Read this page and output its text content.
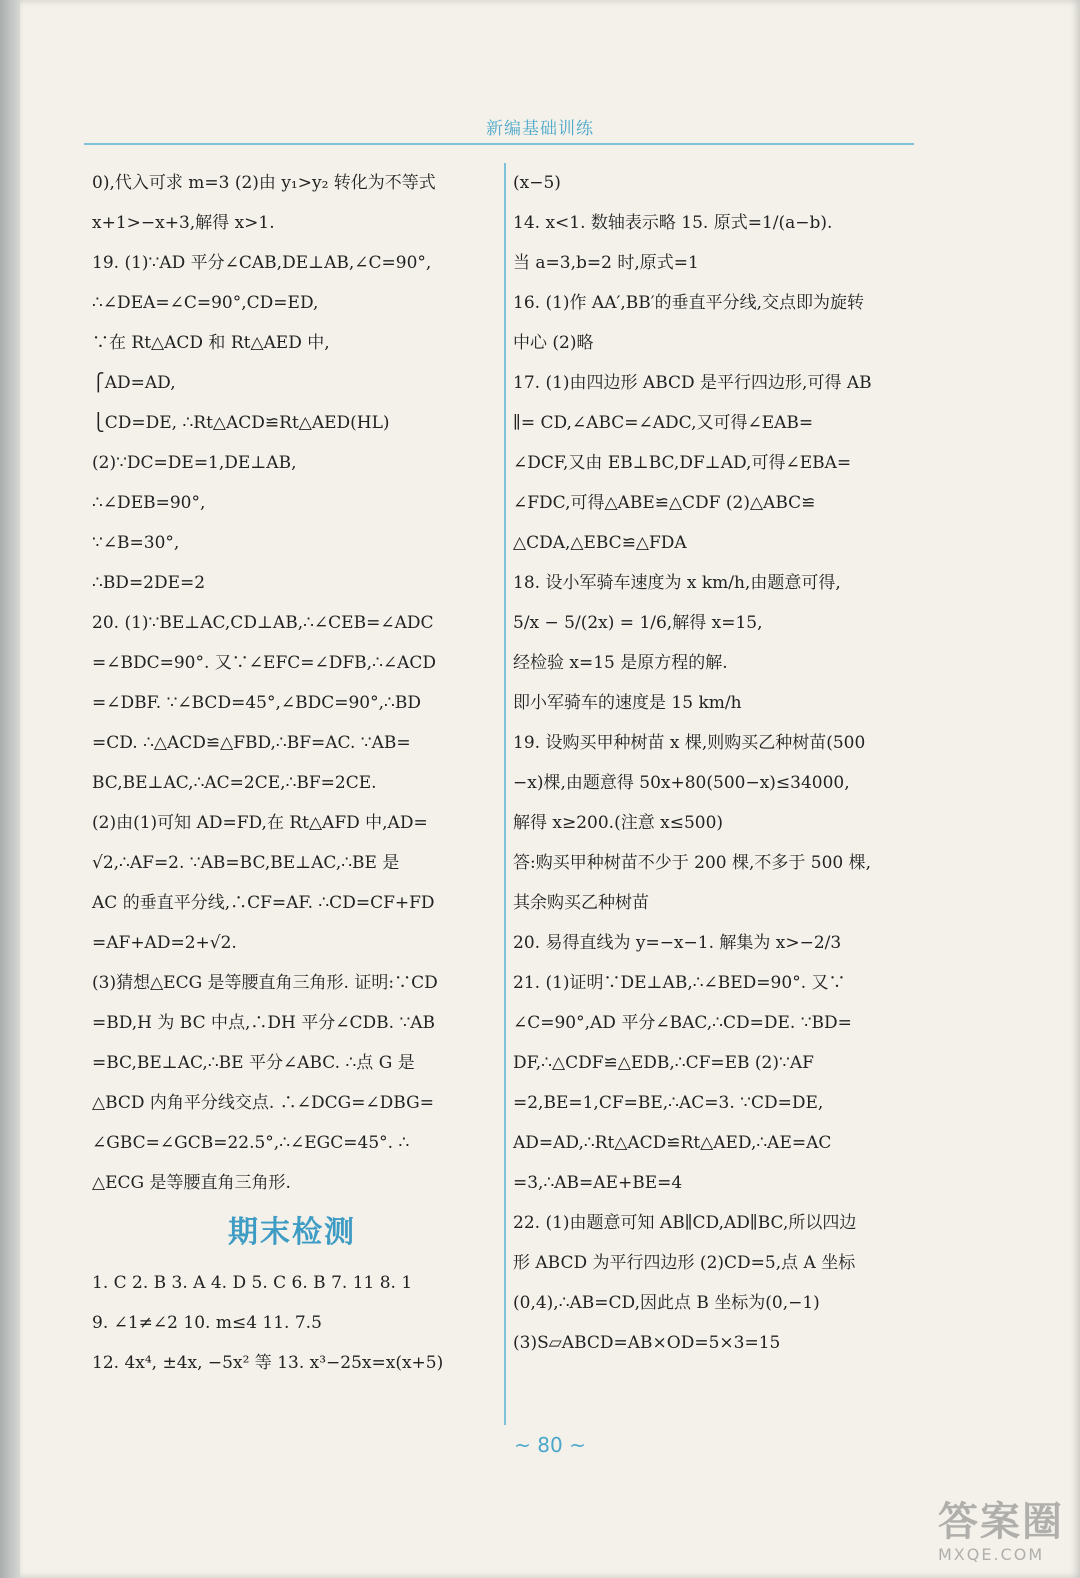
新编基础训练
0),代入可求 m=3 (2)由 y₁>y₂ 转化为不等式
x+1>−x+3,解得 x>1.
19. (1)∵AD 平分∠CAB,DE⊥AB,∠C=90°,
∴∠DEA=∠C=90°,CD=ED,
∵在 Rt△ACD 和 Rt△AED 中,
⎧AD=AD,
⎩CD=DE, ∴Rt△ACD≌Rt△AED(HL)
(2)∵DC=DE=1,DE⊥AB,
∴∠DEB=90°,
∵∠B=30°,
∴BD=2DE=2
20. (1)∵BE⊥AC,CD⊥AB,∴∠CEB=∠ADC
=∠BDC=90°. 又∵∠EFC=∠DFB,∴∠ACD
=∠DBF. ∵∠BCD=45°,∠BDC=90°,∴BD
=CD. ∴△ACD≌△FBD,∴BF=AC. ∵AB=
BC,BE⊥AC,∴AC=2CE,∴BF=2CE.
(2)由(1)可知 AD=FD,在 Rt△AFD 中,AD=
√2,∴AF=2. ∵AB=BC,BE⊥AC,∴BE 是
AC 的垂直平分线,∴CF=AF. ∴CD=CF+FD
=AF+AD=2+√2.
(3)猜想△ECG 是等腰直角三角形. 证明:∵CD
=BD,H 为 BC 中点,∴DH 平分∠CDB. ∵AB
=BC,BE⊥AC,∴BE 平分∠ABC. ∴点 G 是
△BCD 内角平分线交点. ∴∠DCG=∠DBG=
∠GBC=∠GCB=22.5°,∴∠EGC=45°. ∴
△ECG 是等腰直角三角形.
期末检测
1. C 2. B 3. A 4. D 5. C 6. B 7. 11 8. 1
9. ∠1≠∠2 10. m≤4 11. 7.5
12. 4x⁴, ±4x, −5x² 等 13. x³−25x=x(x+5)
(x−5)
14. x<1. 数轴表示略 15. 原式=1/(a−b).
当 a=3,b=2 时,原式=1
16. (1)作 AA′,BB′的垂直平分线,交点即为旋转
中心 (2)略
17. (1)由四边形 ABCD 是平行四边形,可得 AB
∥= CD,∠ABC=∠ADC,又可得∠EAB=
∠DCF,又由 EB⊥BC,DF⊥AD,可得∠EBA=
∠FDC,可得△ABE≌△CDF (2)△ABC≌
△CDA,△EBC≌△FDA
18. 设小军骑车速度为 x km/h,由题意可得,
5/x − 5/(2x) = 1/6,解得 x=15,
经检验 x=15 是原方程的解.
即小军骑车的速度是 15 km/h
19. 设购买甲种树苗 x 棵,则购买乙种树苗(500
−x)棵,由题意得 50x+80(500−x)≤34000,
解得 x≥200.(注意 x≤500)
答:购买甲种树苗不少于 200 棵,不多于 500 棵,
其余购买乙种树苗
20. 易得直线为 y=−x−1. 解集为 x>−2/3
21. (1)证明∵DE⊥AB,∴∠BED=90°. 又∵
∠C=90°,AD 平分∠BAC,∴CD=DE. ∵BD=
DF,∴△CDF≌△EDB,∴CF=EB (2)∵AF
=2,BE=1,CF=BE,∴AC=3. ∵CD=DE,
AD=AD,∴Rt△ACD≌Rt△AED,∴AE=AC
=3,∴AB=AE+BE=4
22. (1)由题意可知 AB∥CD,AD∥BC,所以四边
形 ABCD 为平行四边形 (2)CD=5,点 A 坐标
(0,4),∴AB=CD,因此点 B 坐标为(0,−1)
(3)S▱ABCD=AB×OD=5×3=15
~ 80 ~
答案圈
MXQE.COM
